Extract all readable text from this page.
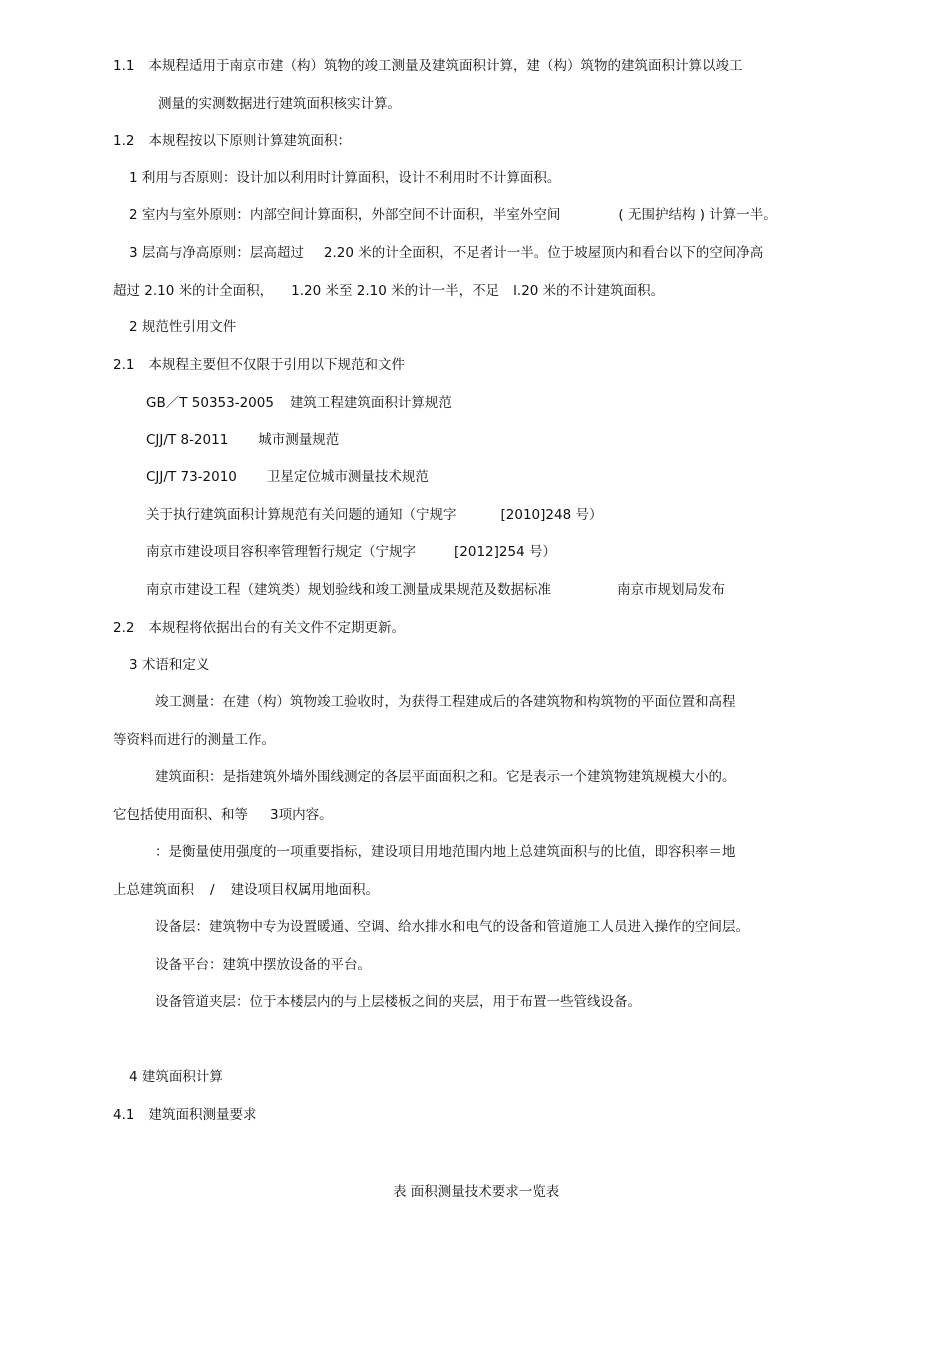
1.1 本规程适用于南京市建（构）筑物的竣工测量及建筑面积计算，建（构）筑物的建筑面积计算以竣工
测量的实测数据进行建筑面积核实计算。
1.2 本规程按以下原则计算建筑面积：
1 利用与否原则：设计加以利用时计算面积，设计不利用时不计算面积。
2 室内与室外原则：内部空间计算面积，外部空间不计面积，半室外空间	( 无围护结构 ) 计算一半。
3 层高与净高原则：层高超过 2.20 米的计全面积，不足者计一半。位于坡屋顶内和看台以下的空间净高
超过 2.10 米的计全面积， 1.20 米至 2.10 米的计一半，不足 l.20 米的不计建筑面积。
2 规范性引用文件
2.1 本规程主要但不仅限于引用以下规范和文件
GB／T 50353-2005 建筑工程建筑面积计算规范
CJJ/T 8-2011 城市测量规范
CJJ/T 73-2010 卫星定位城市测量技术规范
关于执行建筑面积计算规范有关问题的通知（宁规字	[2010]248 号）
南京市建设项目容积率管理暂行规定（宁规字	[2012]254 号）
南京市建设工程（建筑类）规划验线和竣工测量成果规范及数据标准	南京市规划局发布
2.2 本规程将依据出台的有关文件不定期更新。
3 术语和定义
竣工测量：在建（构）筑物竣工验收时，为获得工程建成后的各建筑物和构筑物的平面位置和高程
等资料而进行的测量工作。
建筑面积：是指建筑外墙外围线测定的各层平面面积之和。它是表示一个建筑物建筑规模大小的。
它包括使用面积、和等 3项内容。
：是衡量使用强度的一项重要指标，建设项目用地范围内地上总建筑面积与的比值，即容积率＝地
上总建筑面积 / 建设项目权属用地面积。
设备层：建筑物中专为设置暖通、空调、给水排水和电气的设备和管道施工人员进入操作的空间层。
设备平台：建筑中摆放设备的平台。
设备管道夹层：位于本楼层内的与上层楼板之间的夹层，用于布置一些管线设备。
4 建筑面积计算
4.1 建筑面积测量要求
表 面积测量技术要求一览表
